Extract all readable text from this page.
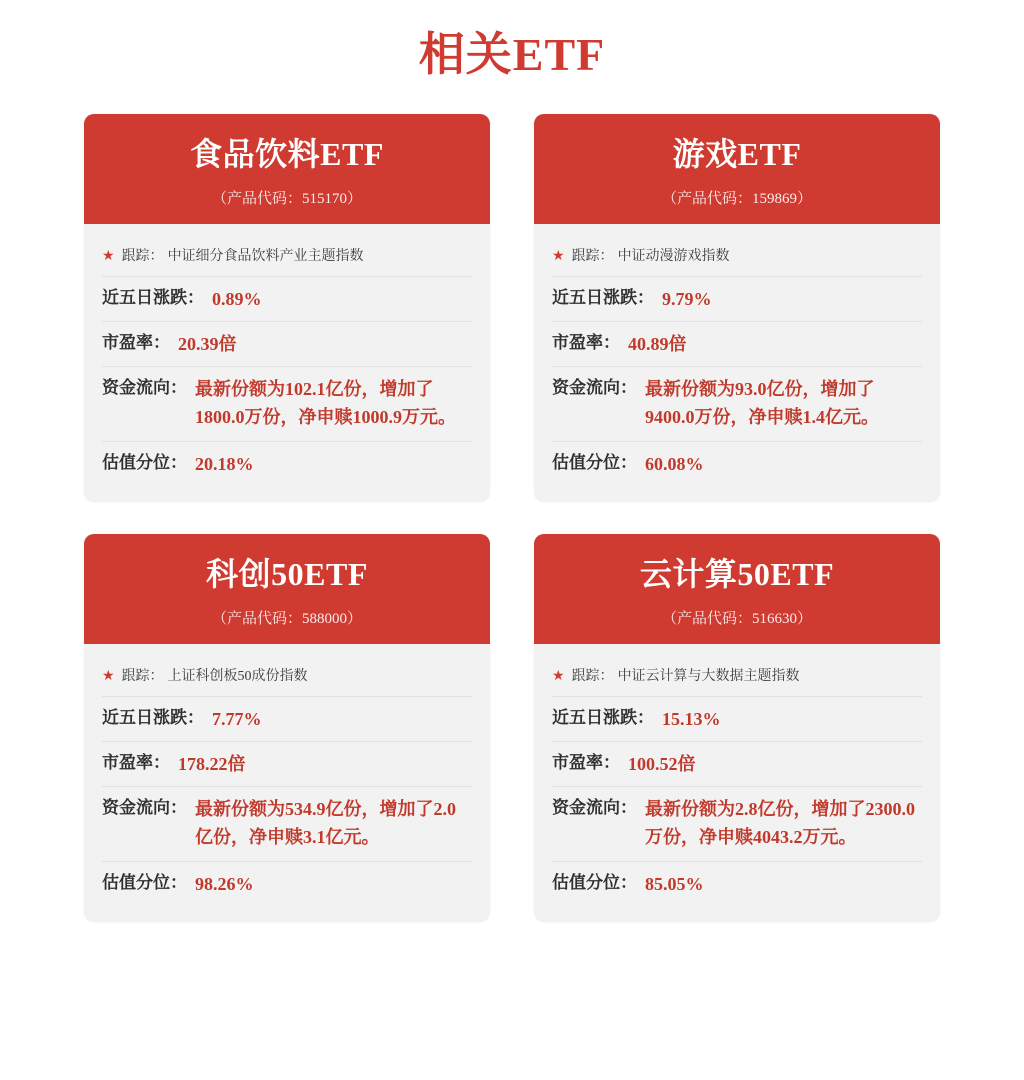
相关ETF
食品饮料ETF
（产品代码：515170）
★ 跟踪： 中证细分食品饮料产业主题指数
近五日涨跌： 0.89%
市盈率： 20.39倍
资金流向： 最新份额为102.1亿份，增加了1800.0万份，净申赎1000.9万元。
估值分位： 20.18%
游戏ETF
（产品代码：159869）
★ 跟踪： 中证动漫游戏指数
近五日涨跌： 9.79%
市盈率： 40.89倍
资金流向： 最新份额为93.0亿份，增加了9400.0万份，净申赎1.4亿元。
估值分位： 60.08%
科创50ETF
（产品代码：588000）
★ 跟踪： 上证科创板50成份指数
近五日涨跌： 7.77%
市盈率： 178.22倍
资金流向： 最新份额为534.9亿份，增加了2.0亿份，净申赎3.1亿元。
估值分位： 98.26%
云计算50ETF
（产品代码：516630）
★ 跟踪： 中证云计算与大数据主题指数
近五日涨跌： 15.13%
市盈率： 100.52倍
资金流向： 最新份额为2.8亿份，增加了2300.0万份，净申赎4043.2万元。
估值分位： 85.05%
